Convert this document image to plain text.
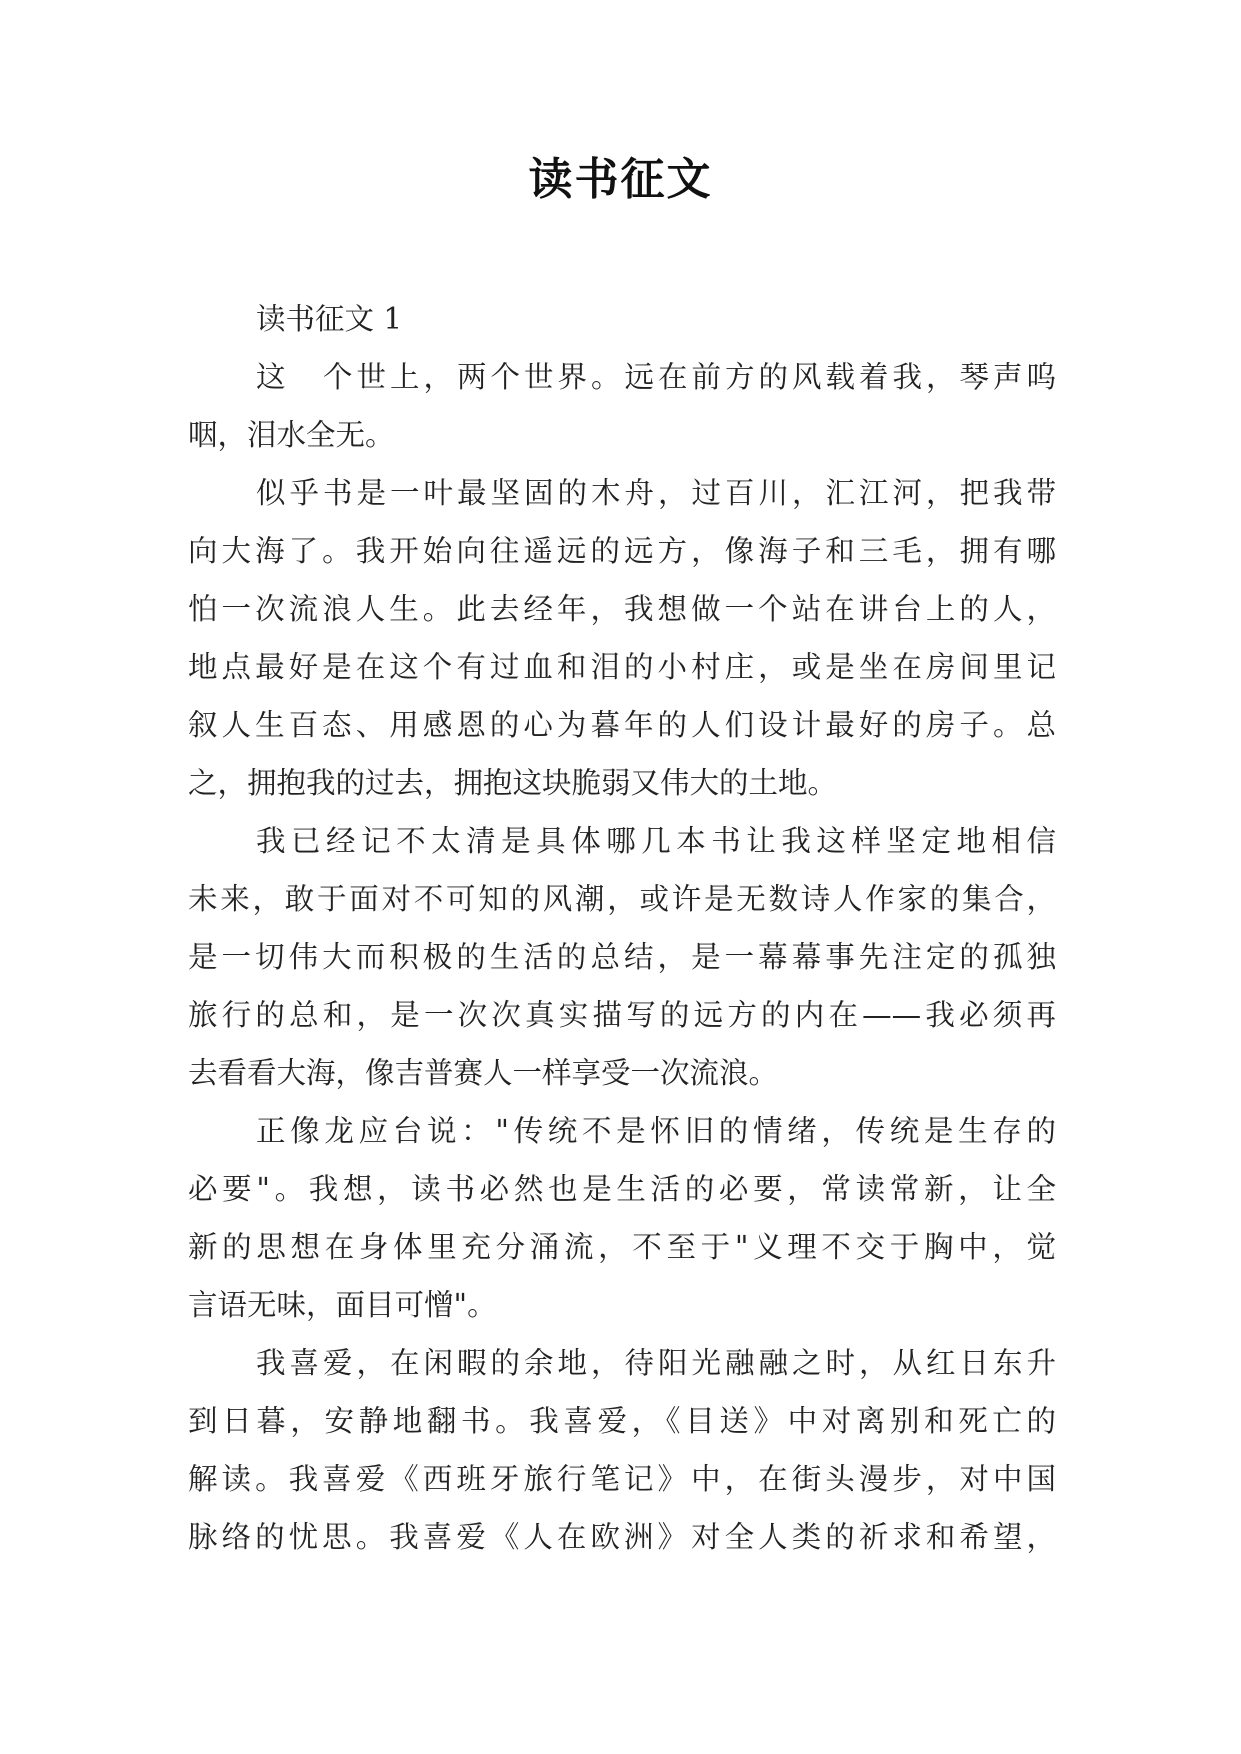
读书征文
读书征文 1
这　个世上，两个世界。远在前方的风载着我，琴声呜
咽，泪水全无。
似乎书是一叶最坚固的木舟，过百川，汇江河，把我带
向大海了。我开始向往遥远的远方，像海子和三毛，拥有哪
怕一次流浪人生。此去经年，我想做一个站在讲台上的人，
地点最好是在这个有过血和泪的小村庄，或是坐在房间里记
叙人生百态、用感恩的心为暮年的人们设计最好的房子。总
之，拥抱我的过去，拥抱这块脆弱又伟大的土地。
我已经记不太清是具体哪几本书让我这样坚定地相信
未来，敢于面对不可知的风潮，或许是无数诗人作家的集合，
是一切伟大而积极的生活的总结，是一幕幕事先注定的孤独
旅行的总和，是一次次真实描写的远方的内在——我必须再
去看看大海，像吉普赛人一样享受一次流浪。
正像龙应台说："传统不是怀旧的情绪，传统是生存的
必要"。我想，读书必然也是生活的必要，常读常新，让全
新的思想在身体里充分涌流，不至于"义理不交于胸中，觉
言语无味，面目可憎"。
我喜爱，在闲暇的余地，待阳光融融之时，从红日东升
到日暮，安静地翻书。我喜爱，《目送》中对离别和死亡的
解读。我喜爱《西班牙旅行笔记》中，在街头漫步，对中国
脉络的忧思。我喜爱《人在欧洲》对全人类的祈求和希望，
